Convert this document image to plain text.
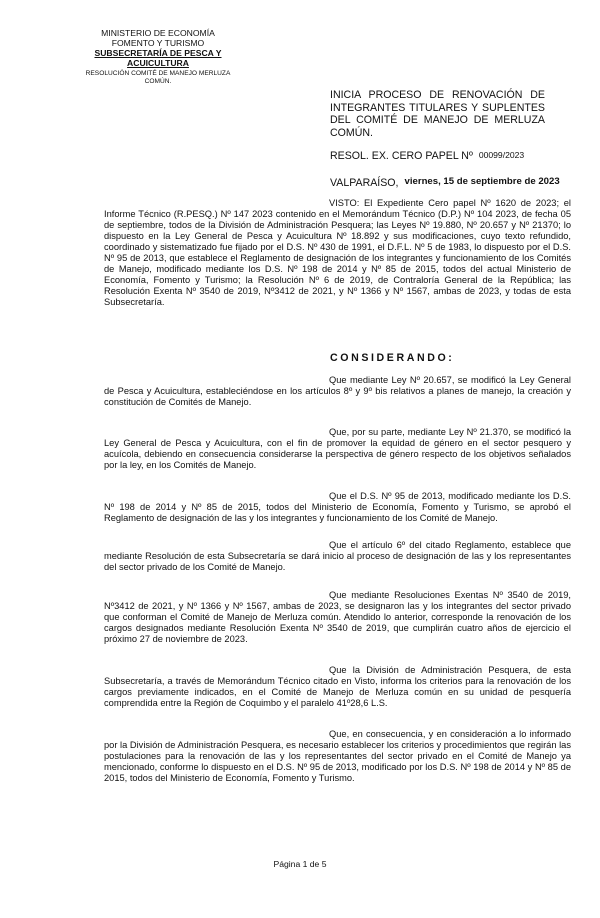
MINISTERIO DE ECONOMÍA
FOMENTO Y TURISMO
SUBSECRETARÍA DE PESCA Y
ACUICULTURA
RESOLUCIÓN COMITÉ DE MANEJO MERLUZA
COMÚN.

INICIA PROCESO DE RENOVACIÓN DE INTEGRANTES TITULARES Y SUPLENTES DEL COMITÉ DE MANEJO DE MERLUZA COMÚN.

RESOL. EX. CERO PAPEL Nº 00099/2023
VALPARAÍSO, viernes, 15 de septiembre de 2023

VISTO: El Expediente Cero papel Nº 1620 de 2023; el Informe Técnico (R.PESQ.) Nº 147 2023 contenido en el Memorándum Técnico (D.P.) Nº 104 2023, de fecha 05 de septiembre, todos de la División de Administración Pesquera; las Leyes Nº 19.880, Nº 20.657 y Nº 21370; lo dispuesto en la Ley General de Pesca y Acuicultura Nº 18.892 y sus modificaciones, cuyo texto refundido, coordinado y sistematizado fue fijado por el D.S. Nº 430 de 1991, el D.F.L. Nº 5 de 1983, lo dispuesto por el D.S. Nº 95 de 2013, que establece el Reglamento de designación de los integrantes y funcionamiento de los Comités de Manejo, modificado mediante los D.S. Nº 198 de 2014 y Nº 85 de 2015, todos del actual Ministerio de Economía, Fomento y Turismo; la Resolución Nº 6 de 2019, de Contraloría General de la República; las Resolución Exenta Nº 3540 de 2019, Nº3412 de 2021, y Nº 1366 y Nº 1567, ambas de 2023, y todas de esta Subsecretaría.

CONSIDERANDO:

Que mediante Ley Nº 20.657, se modificó la Ley General de Pesca y Acuicultura, estableciéndose en los artículos 8º y 9º bis relativos a planes de manejo, la creación y constitución de Comités de Manejo.

Que, por su parte, mediante Ley Nº 21.370, se modificó la Ley General de Pesca y Acuicultura, con el fin de promover la equidad de género en el sector pesquero y acuícola, debiendo en consecuencia considerarse la perspectiva de género respecto de los objetivos señalados por la ley, en los Comités de Manejo.

Que el D.S. Nº 95 de 2013, modificado mediante los D.S. Nº 198 de 2014 y Nº 85 de 2015, todos del Ministerio de Economía, Fomento y Turismo, se aprobó el Reglamento de designación de las y los integrantes y funcionamiento de los Comité de Manejo.

Que el artículo 6º del citado Reglamento, establece que mediante Resolución de esta Subsecretaría se dará inicio al proceso de designación de las y los representantes del sector privado de los Comité de Manejo.

Que mediante Resoluciones Exentas Nº 3540 de 2019, Nº3412 de 2021, y Nº 1366 y Nº 1567, ambas de 2023, se designaron las y los integrantes del sector privado que conforman el Comité de Manejo de Merluza común. Atendido lo anterior, corresponde la renovación de los cargos designados mediante Resolución Exenta Nº 3540 de 2019, que cumplirán cuatro años de ejercicio el próximo 27 de noviembre de 2023.

Que la División de Administración Pesquera, de esta Subsecretaría, a través de Memorándum Técnico citado en Visto, informa los criterios para la renovación de los cargos previamente indicados, en el Comité de Manejo de Merluza común en su unidad de pesquería comprendida entre la Región de Coquimbo y el paralelo 41º28,6 L.S.

Que, en consecuencia, y en consideración a lo informado por la División de Administración Pesquera, es necesario establecer los criterios y procedimientos que regirán las postulaciones para la renovación de las y los representantes del sector privado en el Comité de Manejo ya mencionado, conforme lo dispuesto en el D.S. Nº 95 de 2013, modificado por los D.S. Nº 198 de 2014 y Nº 85 de 2015, todos del Ministerio de Economía, Fomento y Turismo.

Página 1 de 5
